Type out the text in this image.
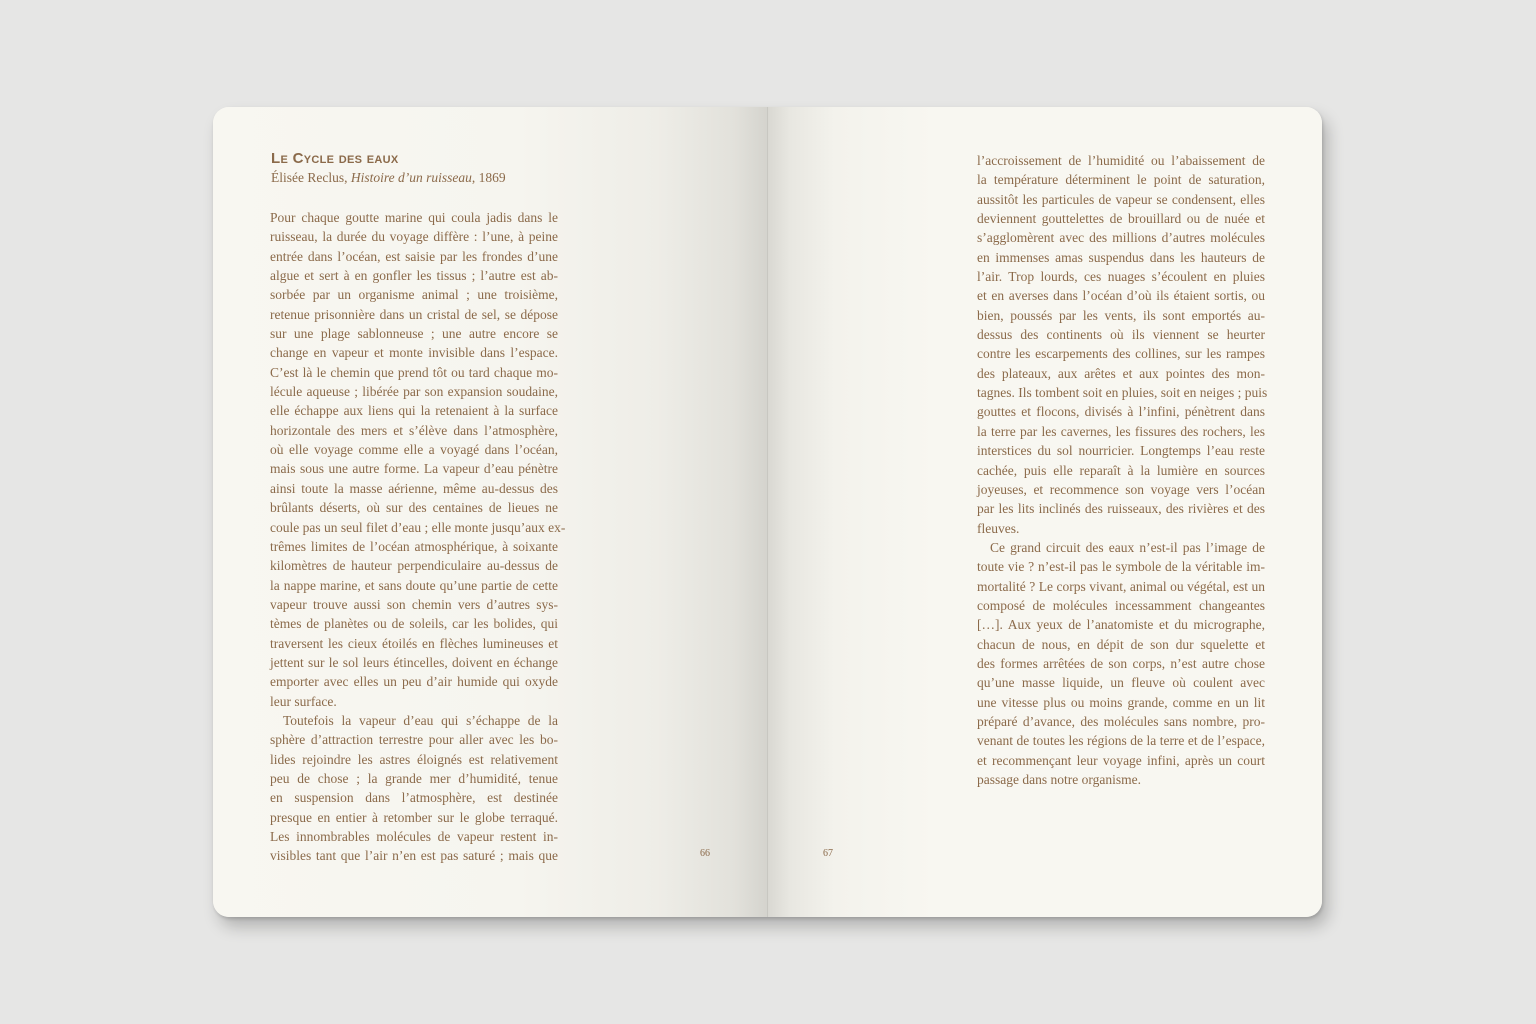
Le Cycle des eaux
Élisée Reclus, Histoire d’un ruisseau, 1869
Pour chaque goutte marine qui coula jadis dans le
ruisseau, la durée du voyage diffère : l’une, à peine
entrée dans l’océan, est saisie par les frondes d’une
algue et sert à en gonfler les tissus ; l’autre est ab-
sorbée par un organisme animal ; une troisième,
retenue prisonnière dans un cristal de sel, se dépose
sur une plage sablonneuse ; une autre encore se
change en vapeur et monte invisible dans l’espace.
C’est là le chemin que prend tôt ou tard chaque mo-
lécule aqueuse ; libérée par son expansion soudaine,
elle échappe aux liens qui la retenaient à la surface
horizontale des mers et s’élève dans l’atmosphère,
où elle voyage comme elle a voyagé dans l’océan,
mais sous une autre forme. La vapeur d’eau pénètre
ainsi toute la masse aérienne, même au-dessus des
brûlants déserts, où sur des centaines de lieues ne
coule pas un seul filet d’eau ; elle monte jusqu’aux ex-
trêmes limites de l’océan atmosphérique, à soixante
kilomètres de hauteur perpendiculaire au-dessus de
la nappe marine, et sans doute qu’une partie de cette
vapeur trouve aussi son chemin vers d’autres sys-
tèmes de planètes ou de soleils, car les bolides, qui
traversent les cieux étoilés en flèches lumineuses et
jettent sur le sol leurs étincelles, doivent en échange
emporter avec elles un peu d’air humide qui oxyde
leur surface.
Toutefois la vapeur d’eau qui s’échappe de la
sphère d’attraction terrestre pour aller avec les bo-
lides rejoindre les astres éloignés est relativement
peu de chose ; la grande mer d’humidité, tenue
en suspension dans l’atmosphère, est destinée
presque en entier à retomber sur le globe terraqué.
Les innombrables molécules de vapeur restent in-
visibles tant que l’air n’en est pas saturé ; mais que	66
l’accroissement de l’humidité ou l’abaissement de
la température déterminent le point de saturation,
aussitôt les particules de vapeur se condensent, elles
deviennent gouttelettes de brouillard ou de nuée et
s’agglomèrent avec des millions d’autres molécules
en immenses amas suspendus dans les hauteurs de
l’air. Trop lourds, ces nuages s’écoulent en pluies
et en averses dans l’océan d’où ils étaient sortis, ou
bien, poussés par les vents, ils sont emportés au-
dessus des continents où ils viennent se heurter
contre les escarpements des collines, sur les rampes
des plateaux, aux arêtes et aux pointes des mon-
tagnes. Ils tombent soit en pluies, soit en neiges ; puis
gouttes et flocons, divisés à l’infini, pénètrent dans
la terre par les cavernes, les fissures des rochers, les
interstices du sol nourricier. Longtemps l’eau reste
cachée, puis elle reparaît à la lumière en sources
joyeuses, et recommence son voyage vers l’océan
par les lits inclinés des ruisseaux, des rivières et des
fleuves.
Ce grand circuit des eaux n’est-il pas l’image de
toute vie ? n’est-il pas le symbole de la véritable im-
mortalité ? Le corps vivant, animal ou végétal, est un
composé de molécules incessamment changeantes
[…]. Aux yeux de l’anatomiste et du micrographe,
chacun de nous, en dépit de son dur squelette et
des formes arrêtées de son corps, n’est autre chose
qu’une masse liquide, un fleuve où coulent avec
une vitesse plus ou moins grande, comme en un lit
préparé d’avance, des molécules sans nombre, pro-
venant de toutes les régions de la terre et de l’espace,
et recommençant leur voyage infini, après un court
passage dans notre organisme.
67
